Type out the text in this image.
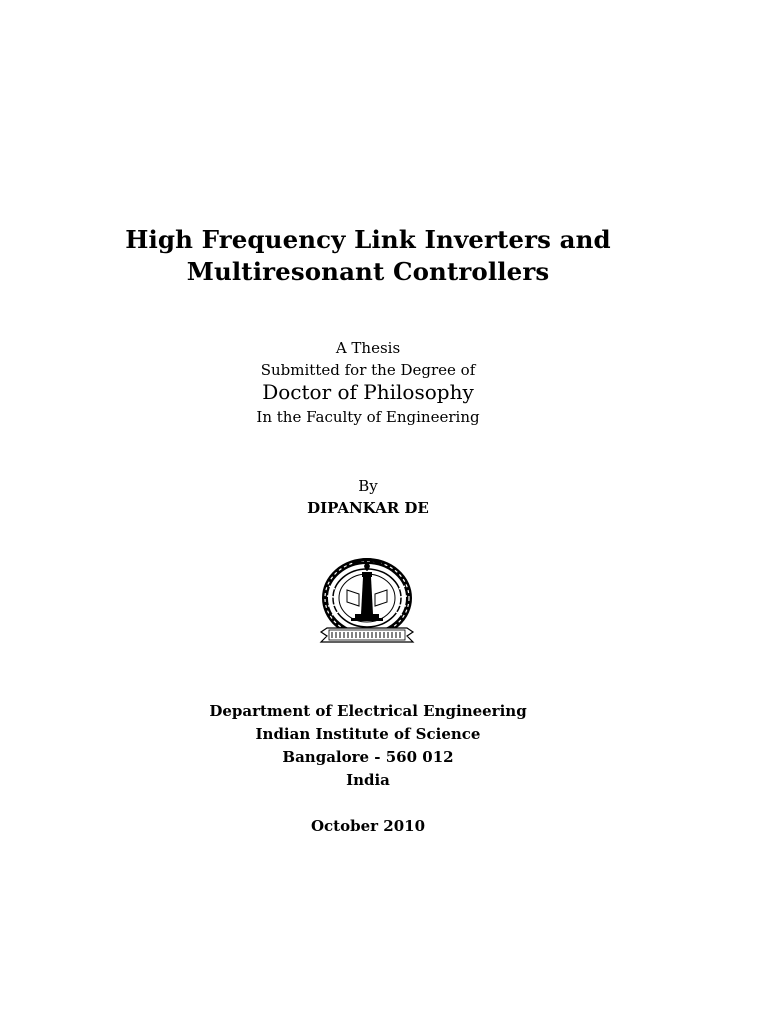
High Frequency Link Inverters and
Multiresonant Controllers
A Thesis
Submitted for the Degree of
Doctor of Philosophy
In the Faculty of Engineering
By
DIPANKAR DE
Department of Electrical Engineering
Indian Institute of Science
Bangalore - 560 012
India
October 2010
